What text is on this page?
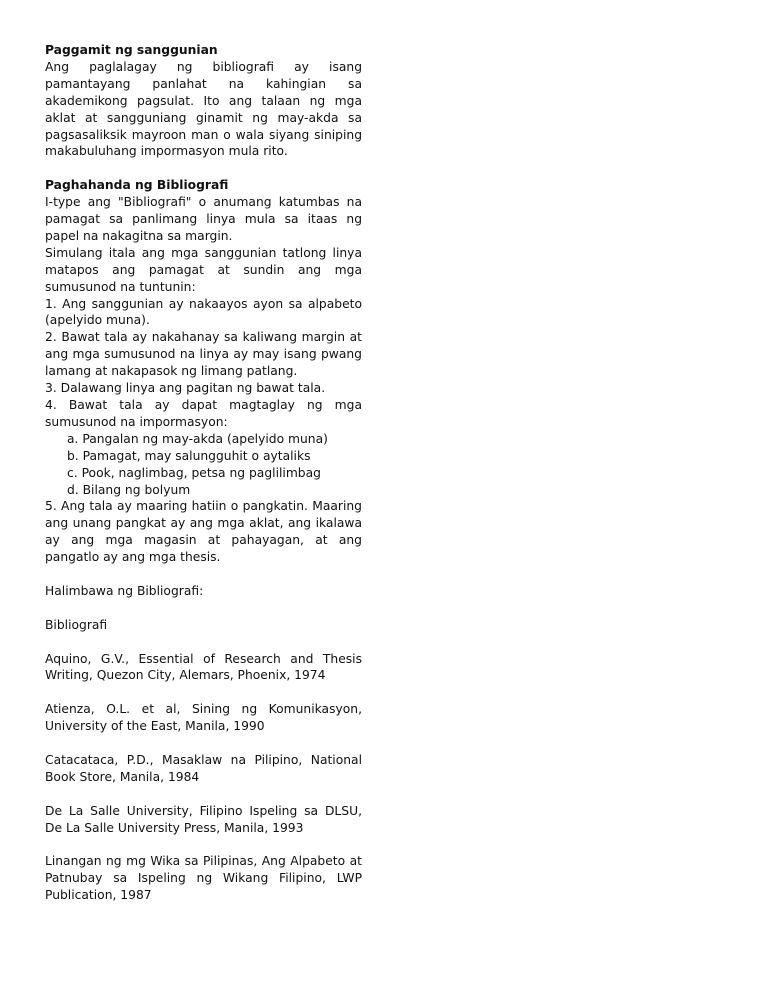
Paggamit ng sanggunian

Ang paglalagay ng bibliografi ay isang pamantayang panlahat na kahingian sa akademikong pagsulat. Ito ang talaan ng mga aklat at sangguniang ginamit ng may-akda sa pagsasaliksik mayroon man o wala siyang siniping makabuluhang impormasyon mula rito.

Paghahanda ng Bibliografi

I-type ang "Bibliografi" o anumang katumbas na pamagat sa panlimang linya mula sa itaas ng papel na nakagitna sa margin.

Simulang itala ang mga sanggunian tatlong linya matapos ang pamagat at sundin ang mga sumusunod na tuntunin:

1. Ang sanggunian ay nakaayos ayon sa alpabeto (apelyido muna).

2. Bawat tala ay nakahanay sa kaliwang margin at ang mga sumusunod na linya ay may isang pwang lamang at nakapasok ng limang patlang.

3. Dalawang linya ang pagitan ng bawat tala.

4. Bawat tala ay dapat magtaglay ng mga sumusunod na impormasyon:

a. Pangalan ng may-akda (apelyido muna)
b. Pamagat, may salungguhit o aytaliks
c. Pook, naglimbag, petsa ng paglilimbag
d. Bilang ng bolyum

5. Ang tala ay maaring hatiin o pangkatin. Maaring ang unang pangkat ay ang mga aklat, ang ikalawa ay ang mga magasin at pahayagan, at ang pangatlo ay ang mga thesis.

Halimbawa ng Bibliografi:

Bibliografi

Aquino, G.V., Essential of Research and Thesis Writing, Quezon City, Alemars, Phoenix, 1974

Atienza, O.L. et al, Sining ng Komunikasyon, University of the East, Manila, 1990

Catacataca, P.D., Masaklaw na Pilipino, National Book Store, Manila, 1984

De La Salle University, Filipino Ispeling sa DLSU, De La Salle University Press, Manila, 1993

Linangan ng mg Wika sa Pilipinas, Ang Alpabeto at Patnubay sa Ispeling ng Wikang Filipino, LWP Publication, 1987
